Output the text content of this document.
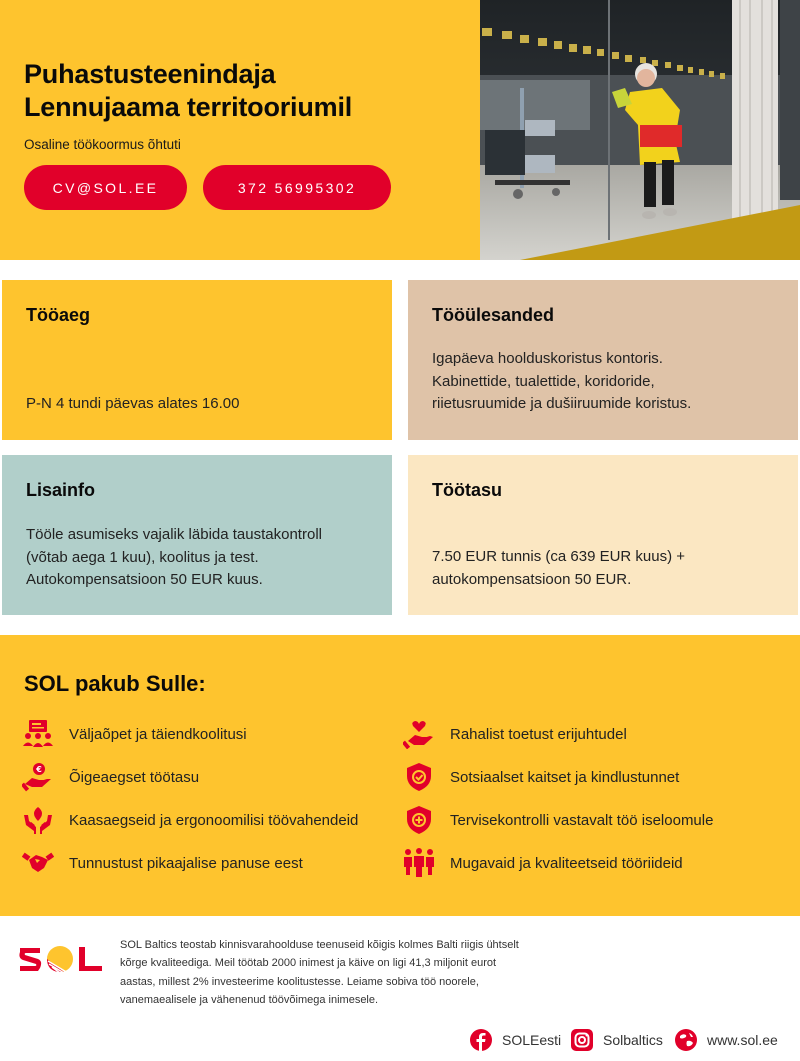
Puhastusteenindaja
Lennujaama territooriumil
Osaline töökoormus õhtuti
CV@SOL.EE	372 56995302
Tööaeg

P-N 4 tundi päevas alates 16.00

Tööülesanded

Igapäeva hoolduskoristus kontoris.
Kabinettide, tualettide, koridoride,
riietusruumide ja dušiiruumide koristus.

Lisainfo

Tööle asumiseks vajalik läbida taustakontroll
(võtab aega 1 kuu), koolitus ja test.
Autokompensatsioon 50 EUR kuus.

Töötasu

7.50 EUR tunnis (ca 639 EUR kuus) +
autokompensatsioon 50 EUR.

SOL pakub Sulle:
Väljaõpet ja täiendkoolitusi
€ Õigeaegset töötasu
Kaasaegseid ja ergonoomilisi töövahendeid
Tunnustust pikaajalise panuse eest
Rahalist toetust erijuhtudel
Sotsiaalset kaitset ja kindlustunnet
Tervisekontrolli vastavalt töö iseloomule
Mugavaid ja kvaliteetseid tööriideid
SOL Baltics teostab kinnisvarahoolduse teenuseid kõigis kolmes Balti riigis ühtselt
kõrge kvaliteediga. Meil töötab 2000 inimest ja käive on ligi 41,3 miljonit eurot
aastas, millest 2% investeerime koolitustesse. Leiame sobiva töö noorele,
vanemaealisele ja vähenenud töövõimega inimesele.
SOLEesti	Solbaltics	www.sol.ee
